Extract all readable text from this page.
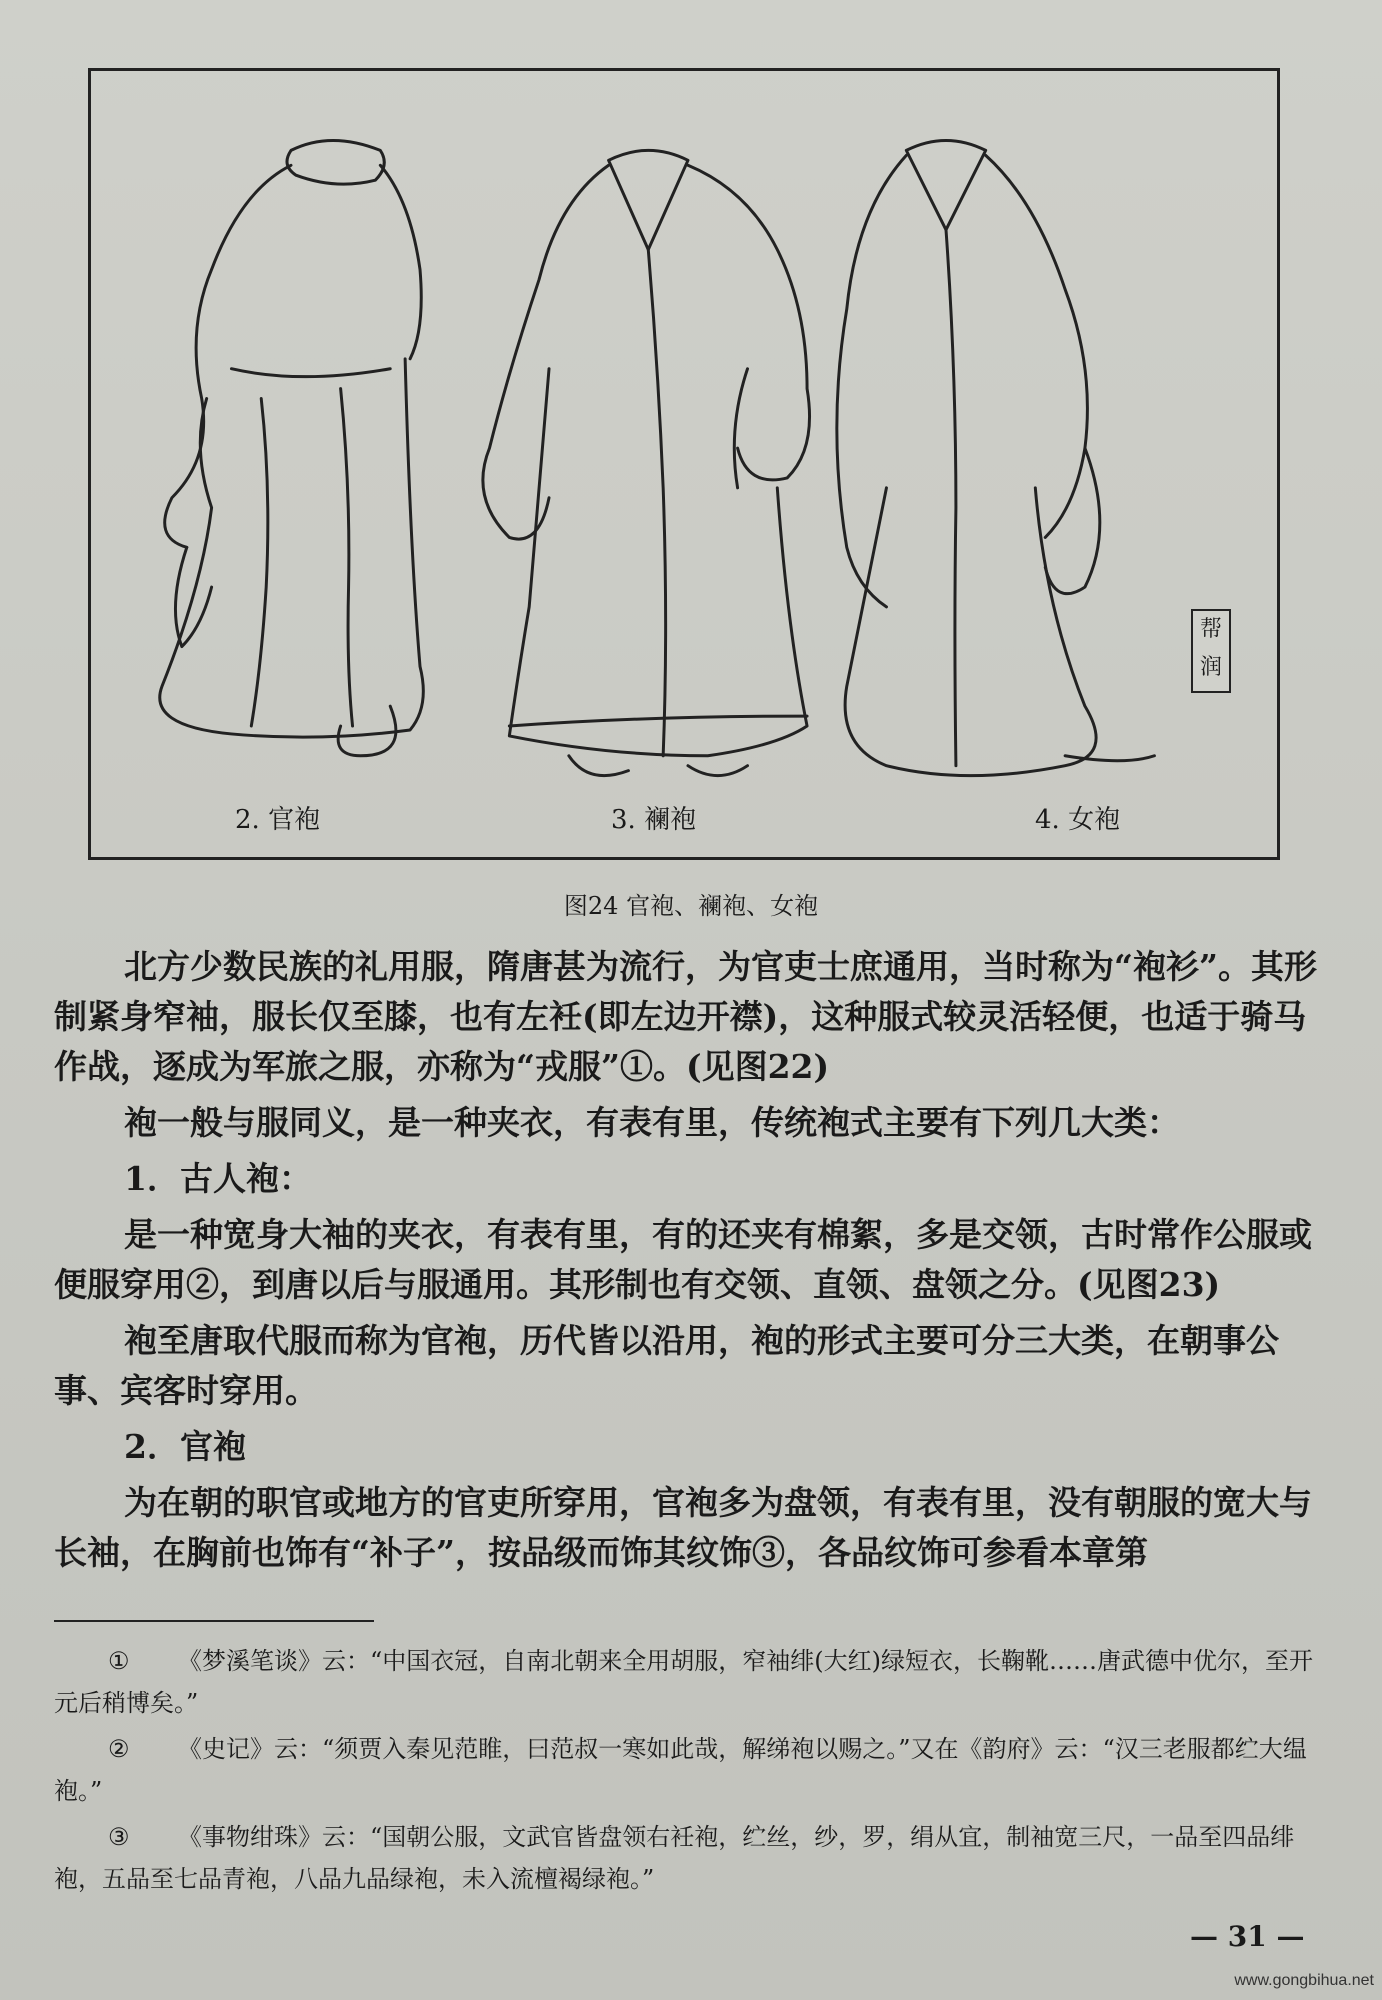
2. 官袍	3. 襕袍	4. 女袍
帮润
图24 官袍、襕袍、女袍

北方少数民族的礼用服，隋唐甚为流行，为官吏士庶通用，当时称为“袍衫”。其形制紧身窄袖，服长仅至膝，也有左衽(即左边开襟)，这种服式较灵活轻便，也适于骑马作战，逐成为军旅之服，亦称为“戎服”①。(见图22)

袍一般与服同义，是一种夹衣，有表有里，传统袍式主要有下列几大类：

1．古人袍：

是一种宽身大袖的夹衣，有表有里，有的还夹有棉絮，多是交领，古时常作公服或便服穿用②，到唐以后与服通用。其形制也有交领、直领、盘领之分。(见图23)

袍至唐取代服而称为官袍，历代皆以沿用，袍的形式主要可分三大类，在朝事公事、宾客时穿用。

2．官袍

为在朝的职官或地方的官吏所穿用，官袍多为盘领，有表有里，没有朝服的宽大与长袖，在胸前也饰有“补子”，按品级而饰其纹饰③，各品纹饰可参看本章第

① 《梦溪笔谈》云：“中国衣冠，自南北朝来全用胡服，窄袖绯(大红)绿短衣，长鞠靴……唐武德中优尔，至开元后稍博矣。”

② 《史记》云：“须贾入秦见范睢，曰范叔一寒如此哉，解绨袍以赐之。”又在《韵府》云：“汉三老服都纻大缊袍。”

③ 《事物绀珠》云：“国朝公服，文武官皆盘领右衽袍，纻丝，纱，罗，绢从宜，制袖宽三尺，一品至四品绯袍，五品至七品青袍，八品九品绿袍，未入流檀褐绿袍。”

— 31 —
www.gongbihua.net
